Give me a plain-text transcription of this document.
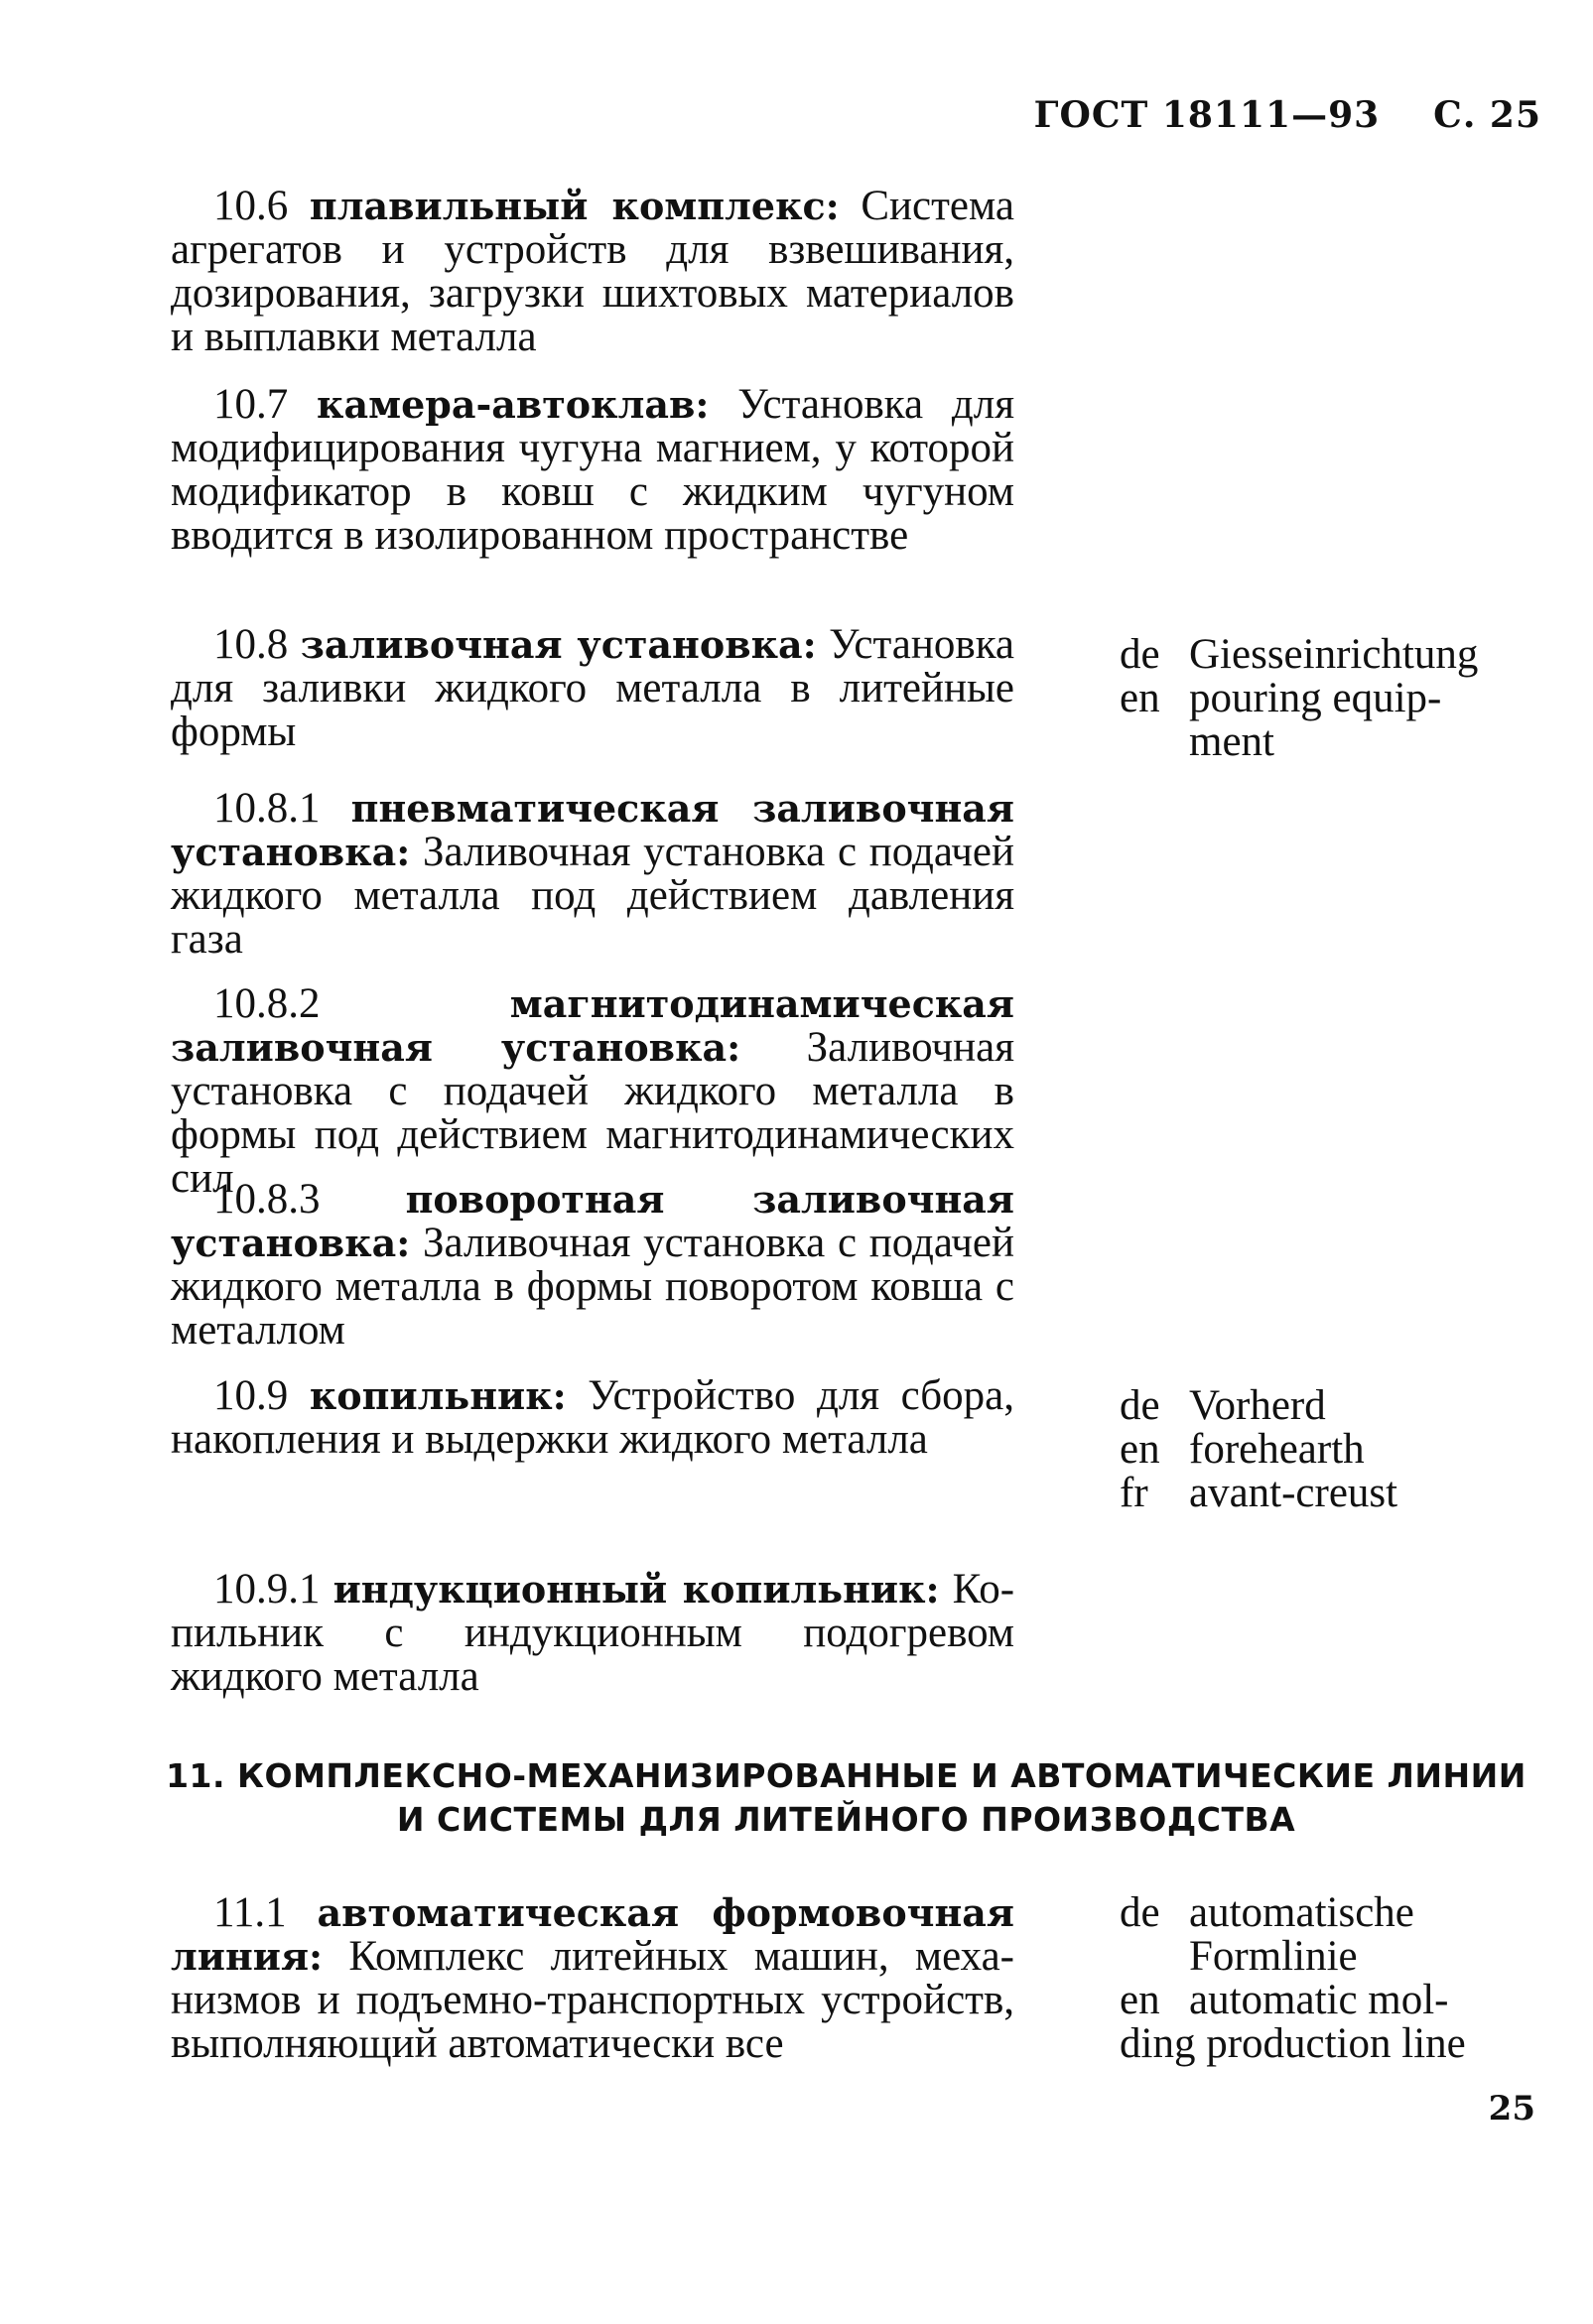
ГОСТ 18111—93 С. 25

10.6 плавильный комплекс: Система агрегатов и устройств для взвешивания, дозирования, загрузки шихтовых материалов и выплавки металла

10.7 камера-автоклав: Установка для модифицирования чугуна магнием, у которой модификатор в ковш с жидким чугуном вводится в изолированном пространстве

10.8 заливочная установка: Установка для заливки жидкого металла в литейные формы

de Giesseinrichtung
en pouring equip-
ment

10.8.1 пневматическая заливочная установка: Заливочная установка с подачей жидкого металла под действием давления газа

10.8.2	магнитодинамическая заливочная установка: Заливочная установка с подачей жидкого металла в формы под действием магнитодинамических сил

10.8.3 поворотная заливочная установка: Заливочная установка с подачей жидкого металла в формы поворотом ковша с металлом

10.9 копильник: Устройство для сбора, накопления и выдержки жидкого металла

de Vorherd
en forehearth
fr avant-creust

10.9.1 индукционный копильник: Копильник с индукционным подогревом жидкого металла

11. КОМПЛЕКСНО-МЕХАНИЗИРОВАННЫЕ И АВТОМАТИЧЕСКИЕ ЛИНИИ
И СИСТЕМЫ ДЛЯ ЛИТЕЙНОГО ПРОИЗВОДСТВА

11.1 автоматическая формовочная линия: Комплекс литейных машин, механизмов и подъемно-транспортных устройств, выполняющий автоматически все

de automatische
Formlinie
en automatic mol-
ding production line
25
